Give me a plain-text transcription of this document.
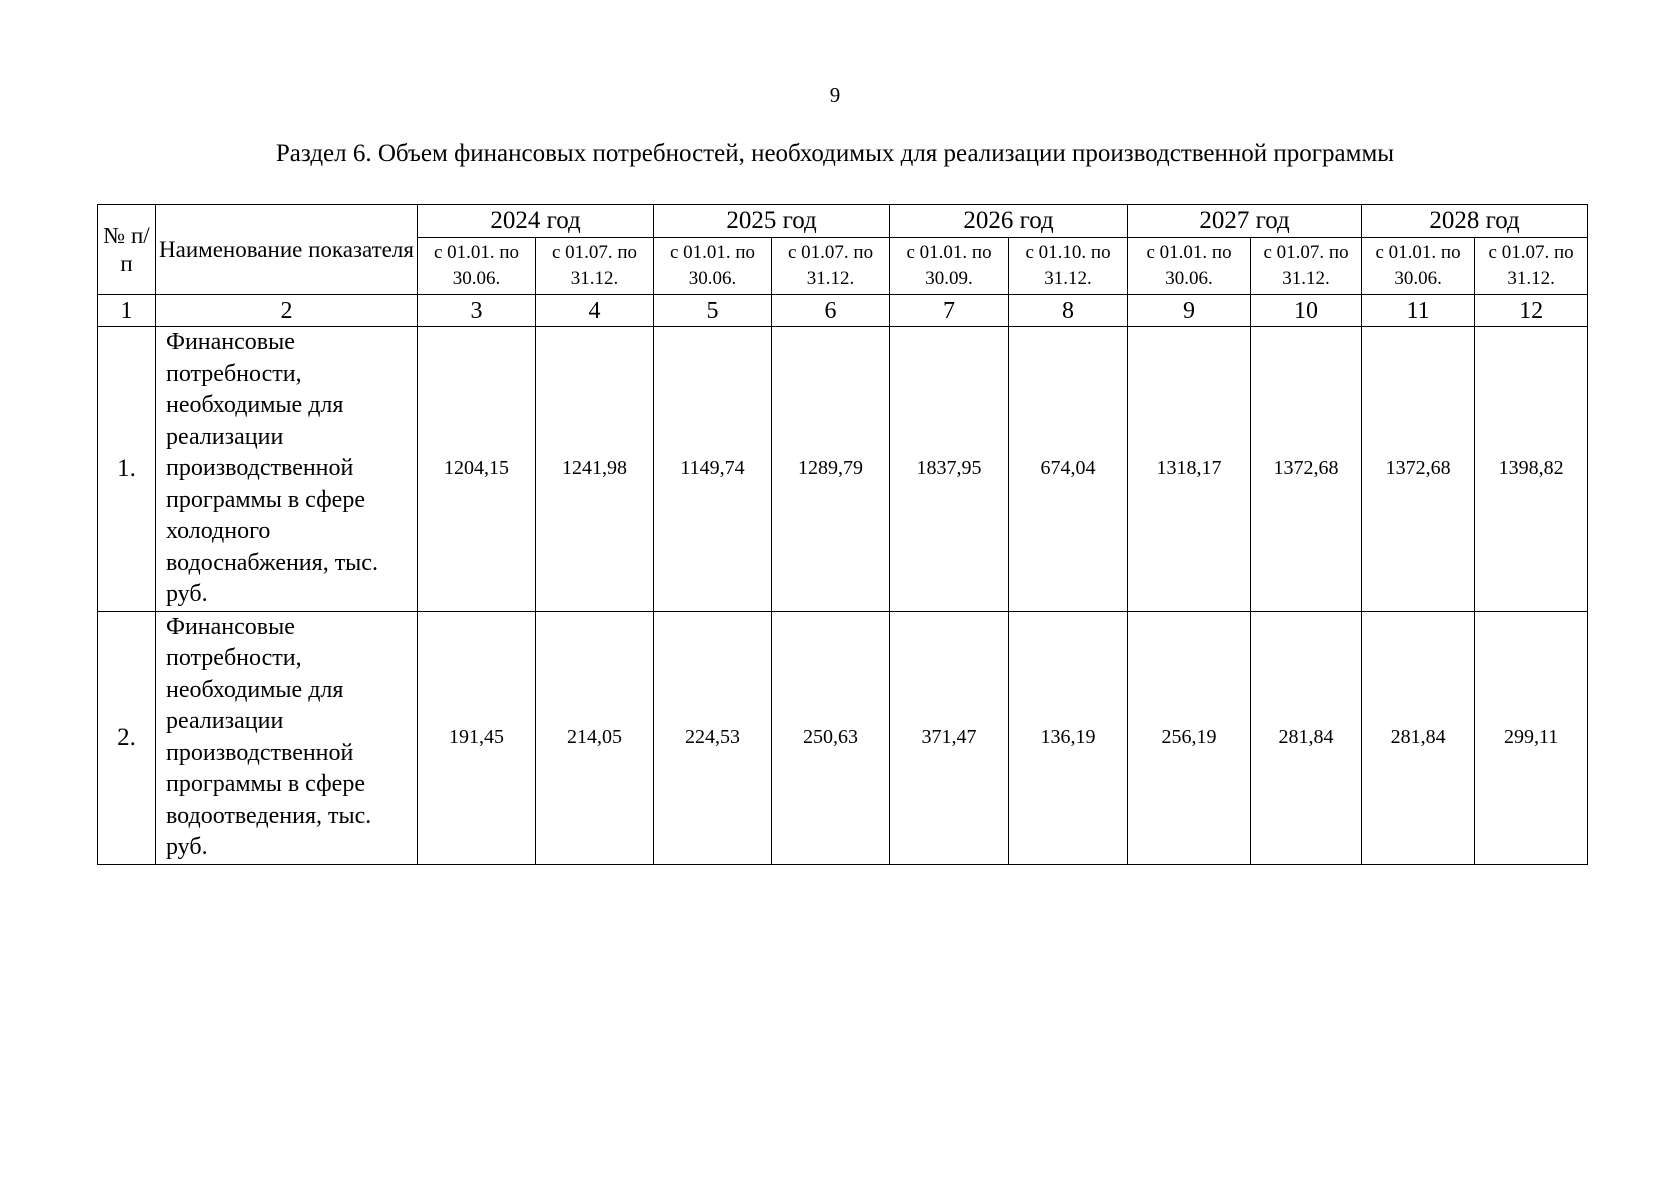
9
Раздел 6. Объем финансовых потребностей, необходимых для реализации производственной программы
№ п/п	Наименование показателя	2024 год		2025 год		2026 год		2027 год		2028 год	
		с 01.01. по 30.06.	с 01.07. по 31.12.	с 01.01. по 30.06.	с 01.07. по 31.12.	с 01.01. по 30.09.	с 01.10. по 31.12.	с 01.01. по 30.06.	с 01.07. по 31.12.	с 01.01. по 30.06.	с 01.07. по 31.12.
1	2	3	4	5	6	7	8	9	10	11	12
1.	Финансовые потребности, необходимые для реализации производственной программы в сфере холодного водоснабжения, тыс. руб.	1204,15	1241,98	1149,74	1289,79	1837,95	674,04	1318,17	1372,68	1372,68	1398,82
2.	Финансовые потребности, необходимые для реализации производственной программы в сфере водоотведения, тыс. руб.	191,45	214,05	224,53	250,63	371,47	136,19	256,19	281,84	281,84	299,11
